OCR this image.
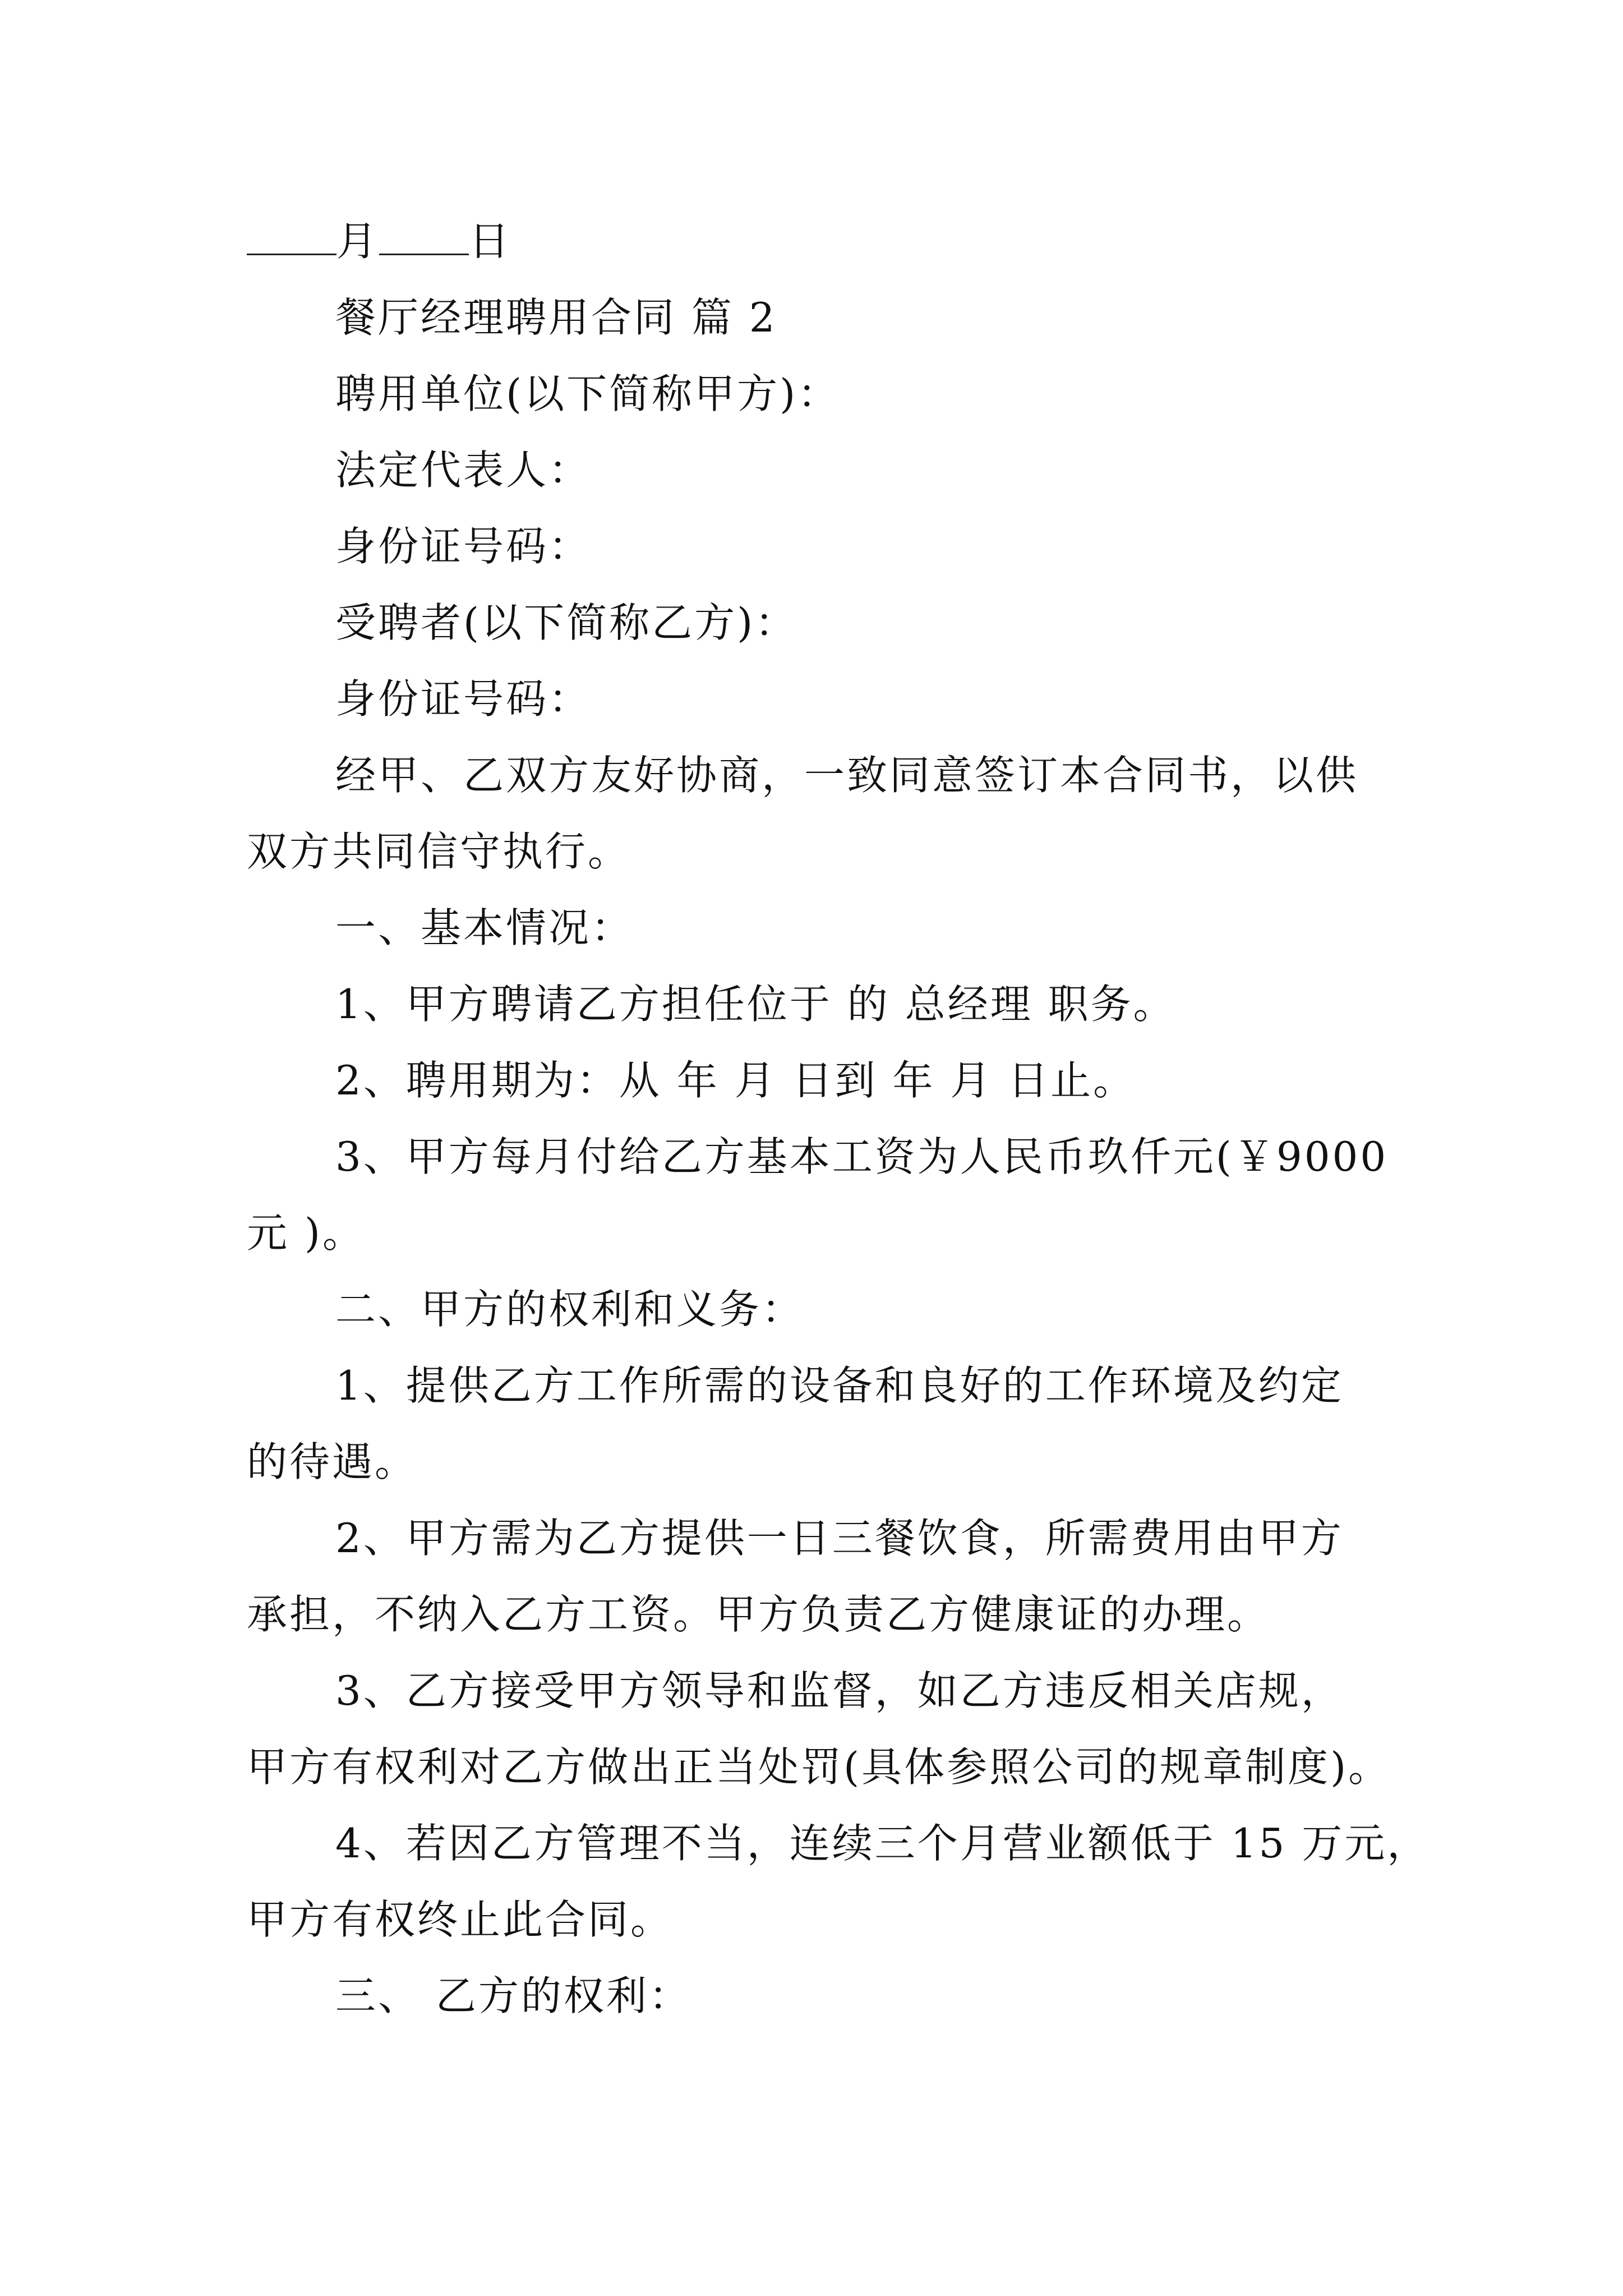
月 日
餐厅经理聘用合同 篇 2
聘用单位(以下简称甲方)：
法定代表人：
身份证号码：
受聘者(以下简称乙方)：
身份证号码：
经甲、乙双方友好协商，一致同意签订本合同书，以供
双方共同信守执行。
一、基本情况：
1、甲方聘请乙方担任位于 的 总经理 职务。
2、聘用期为：从 年 月 日到 年 月 日止。
3、甲方每月付给乙方基本工资为人民币玖仟元(￥9000
元 )。
二、甲方的权利和义务：
1、提供乙方工作所需的设备和良好的工作环境及约定
的待遇。
2、甲方需为乙方提供一日三餐饮食，所需费用由甲方
承担，不纳入乙方工资。甲方负责乙方健康证的办理。
3、乙方接受甲方领导和监督，如乙方违反相关店规，
甲方有权利对乙方做出正当处罚(具体参照公司的规章制度)。
4、若因乙方管理不当，连续三个月营业额低于 15 万元，
甲方有权终止此合同。
三、 乙方的权利：
